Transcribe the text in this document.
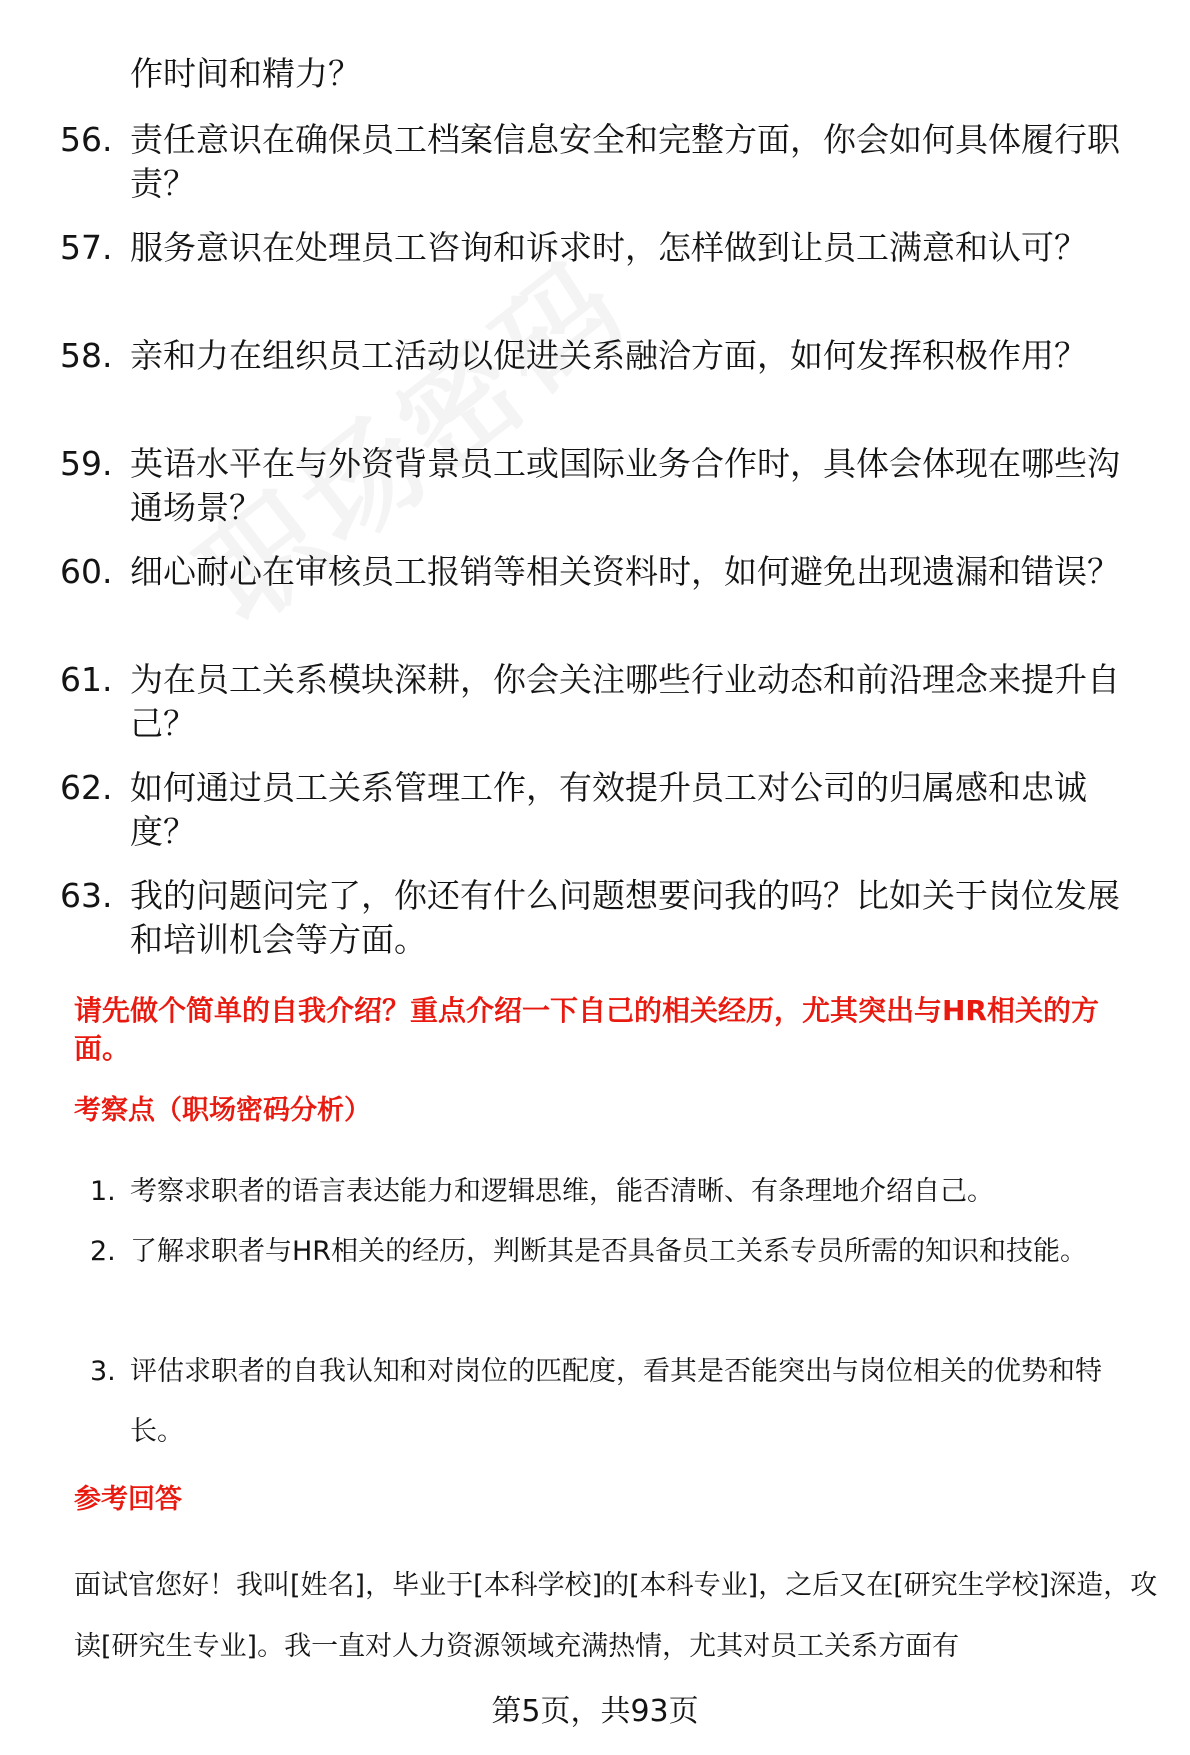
作时间和精力？
56. 责任意识在确保员工档案信息安全和完整方面，你会如何具体履行职责？
57. 服务意识在处理员工咨询和诉求时，怎样做到让员工满意和认可？
58. 亲和力在组织员工活动以促进关系融洽方面，如何发挥积极作用？
59. 英语水平在与外资背景员工或国际业务合作时，具体会体现在哪些沟通场景？
60. 细心耐心在审核员工报销等相关资料时，如何避免出现遗漏和错误？
61. 为在员工关系模块深耕，你会关注哪些行业动态和前沿理念来提升自己？
62. 如何通过员工关系管理工作，有效提升员工对公司的归属感和忠诚度？
63. 我的问题问完了，你还有什么问题想要问我的吗？比如关于岗位发展和培训机会等方面。
请先做个简单的自我介绍？重点介绍一下自己的相关经历，尤其突出与HR相关的方面。
考察点（职场密码分析）
1. 考察求职者的语言表达能力和逻辑思维，能否清晰、有条理地介绍自己。
2. 了解求职者与HR相关的经历，判断其是否具备员工关系专员所需的知识和技能。
3. 评估求职者的自我认知和对岗位的匹配度，看其是否能突出与岗位相关的优势和特长。
参考回答
面试官您好！我叫[姓名]，毕业于[本科学校]的[本科专业]，之后又在[研究生学校]深造，攻读[研究生专业]。我一直对人力资源领域充满热情，尤其对员工关系方面有
第5页，共93页
